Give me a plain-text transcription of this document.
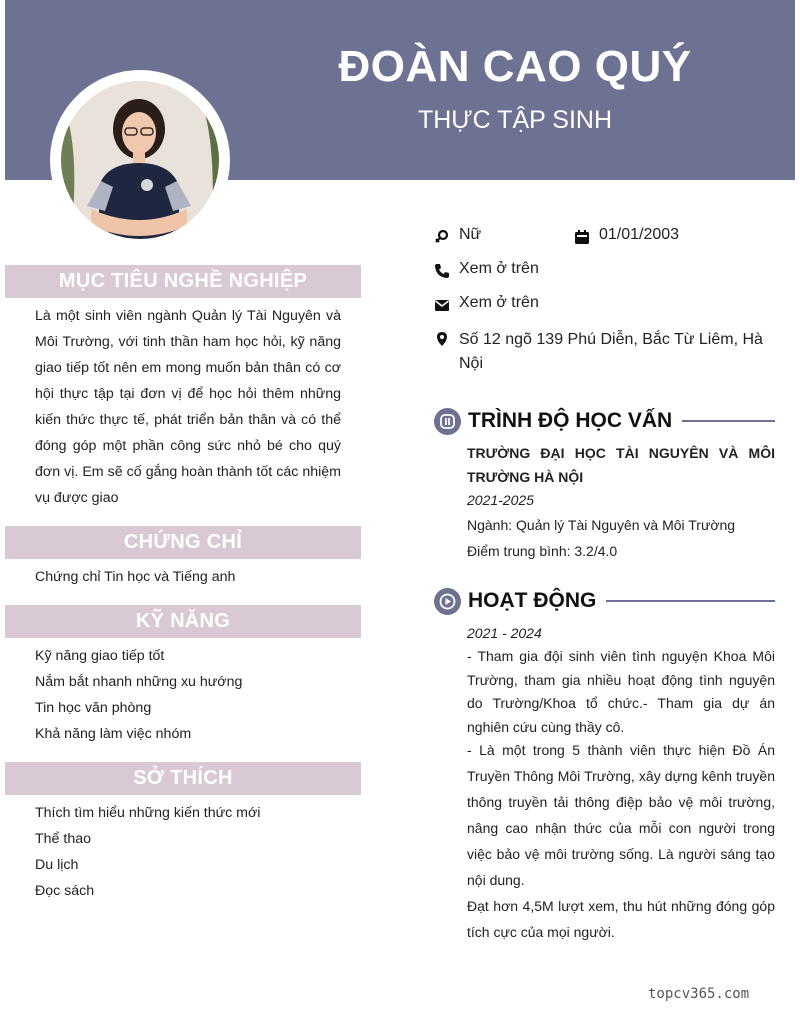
ĐOÀN CAO QUÝ
THỰC TẬP SINH
MỤC TIÊU NGHỀ NGHIỆP
Là một sinh viên ngành Quản lý Tài Nguyên và Môi Trường, với tinh thần ham học hỏi, kỹ năng giao tiếp tốt nên em mong muốn bản thân có cơ hội thực tập tại đơn vị để học hỏi thêm những kiến thức thực tế, phát triển bản thân và có thể đóng góp một phần công sức nhỏ bé cho quý đơn vị. Em sẽ cố gắng hoàn thành tốt các nhiệm vụ được giao
CHỨNG CHỈ
Chứng chỉ Tin học và Tiếng anh
KỸ NĂNG
Kỹ năng giao tiếp tốt
Nắm bắt nhanh những xu hướng
Tin học văn phòng
Khả năng làm việc nhóm
SỞ THÍCH
Thích tìm hiểu những kiến thức mới
Thể thao
Du lịch
Đọc sách
Nữ	01/01/2003
Xem ở trên
Xem ở trên
Số 12 ngõ 139 Phú Diễn, Bắc Từ Liêm, Hà Nội
TRÌNH ĐỘ HỌC VẤN
TRƯỜNG ĐẠI HỌC TÀI NGUYÊN VÀ MÔI TRƯỜNG HÀ NỘI
2021-2025
Ngành: Quản lý Tài Nguyên và Môi Trường
Điểm trung bình: 3.2/4.0
HOẠT ĐỘNG
2021 - 2024
- Tham gia đội sinh viên tình nguyện Khoa Môi Trường, tham gia nhiều hoạt động tình nguyện do Trường/Khoa tổ chức.- Tham gia dự án nghiên cứu cùng thầy cô.
- Là một trong 5 thành viên thực hiện Đồ Án Truyền Thông Môi Trường, xây dựng kênh truyền thông truyền tải thông điệp bảo vệ môi trường, nâng cao nhận thức của mỗi con người trong việc bảo vệ môi trường sống. Là người sáng tạo nội dung.
Đạt hơn 4,5M lượt xem, thu hút những đóng góp tích cực của mọi người.
topcv365.com
